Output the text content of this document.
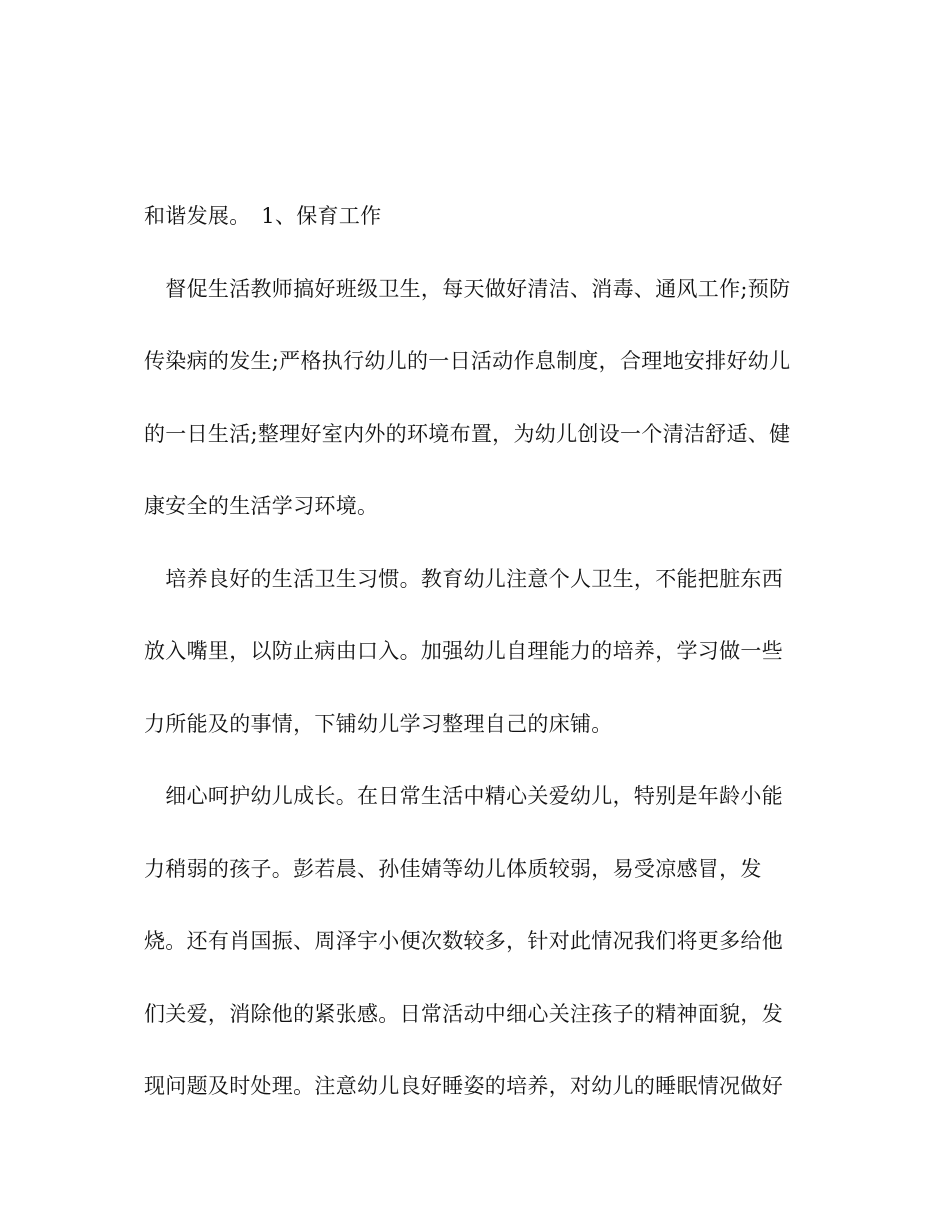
和谐发展。　1、保育工作
　督促生活教师搞好班级卫生，每天做好清洁、消毒、通风工作;预防
传染病的发生;严格执行幼儿的一日活动作息制度，合理地安排好幼儿
的一日生活;整理好室内外的环境布置，为幼儿创设一个清洁舒适、健
康安全的生活学习环境。
　培养良好的生活卫生习惯。教育幼儿注意个人卫生，不能把脏东西
放入嘴里，以防止病由口入。加强幼儿自理能力的培养，学习做一些
力所能及的事情，下铺幼儿学习整理自己的床铺。
　细心呵护幼儿成长。在日常生活中精心关爱幼儿，特别是年龄小能
力稍弱的孩子。彭若晨、孙佳婧等幼儿体质较弱，易受凉感冒，发
烧。还有肖国振、周泽宇小便次数较多，针对此情况我们将更多给他
们关爱，消除他的紧张感。日常活动中细心关注孩子的精神面貌，发
现问题及时处理。注意幼儿良好睡姿的培养，对幼儿的睡眠情况做好
